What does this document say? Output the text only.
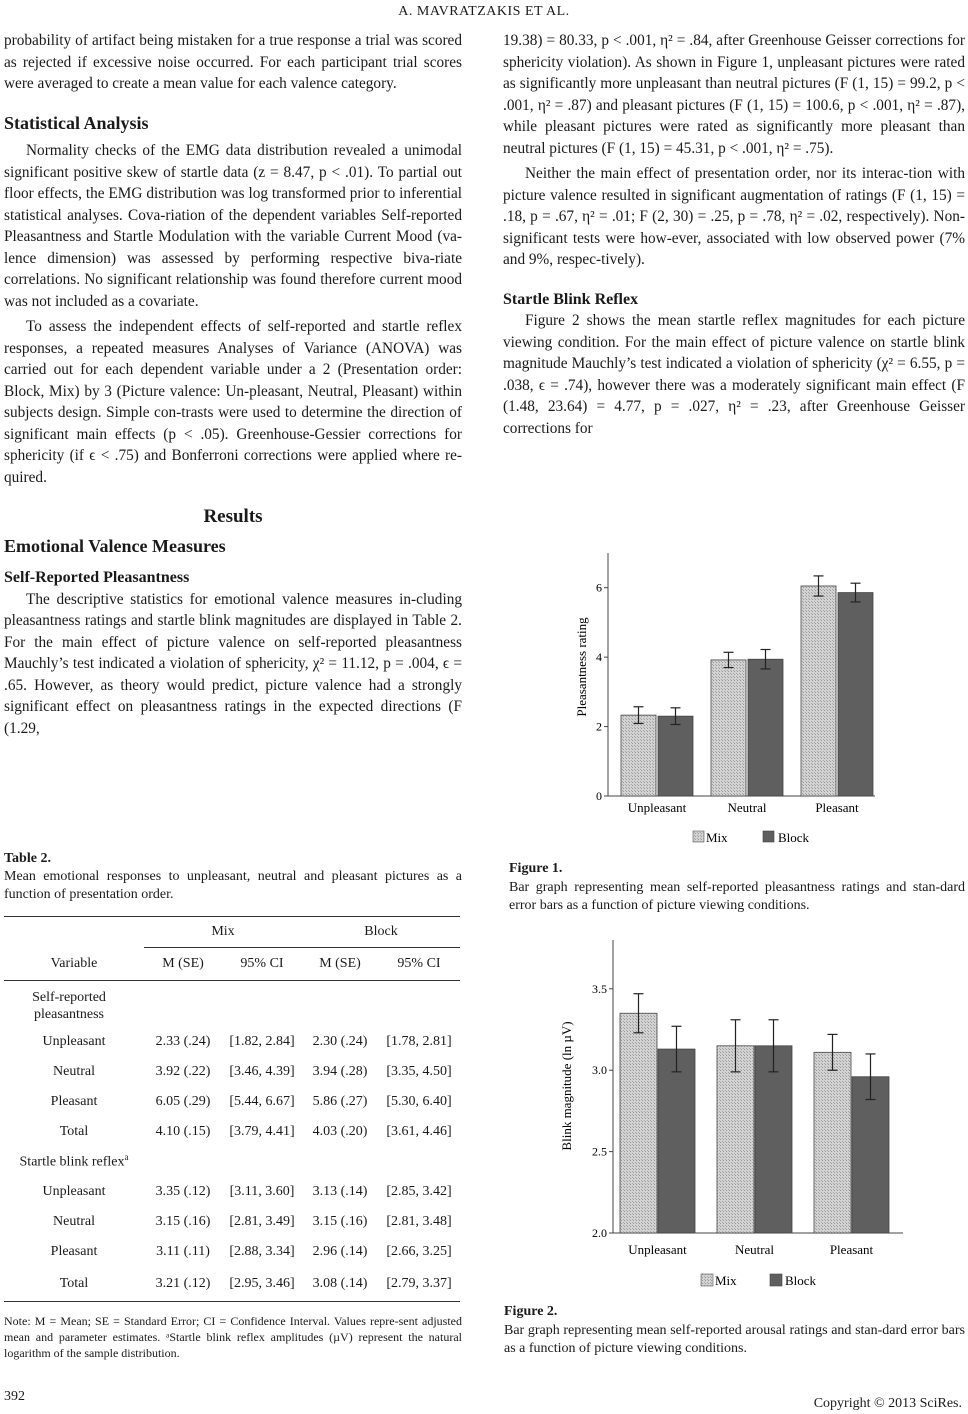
A. MAVRATZAKIS ET AL.

probability of artifact being mistaken for a true response a trial was scored as rejected if excessive noise occurred. For each participant trial scores were averaged to create a mean value for each valence category.

Statistical Analysis

Normality checks of the EMG data distribution revealed a unimodal significant positive skew of startle data (z = 8.47, p < .01). To partial out floor effects, the EMG distribution was log transformed prior to inferential statistical analyses. Cova-riation of the dependent variables Self-reported Pleasantness and Startle Modulation with the variable Current Mood (va-lence dimension) was assessed by performing respective biva-riate correlations. No significant relationship was found therefore current mood was not included as a covariate.

To assess the independent effects of self-reported and startle reflex responses, a repeated measures Analyses of Variance (ANOVA) was carried out for each dependent variable under a 2 (Presentation order: Block, Mix) by 3 (Picture valence: Un-pleasant, Neutral, Pleasant) within subjects design. Simple con-trasts were used to determine the direction of significant main effects (p < .05). Greenhouse-Gessier corrections for sphericity (if ϵ < .75) and Bonferroni corrections were applied where re-quired.

Results
Emotional Valence Measures
Self-Reported Pleasantness

The descriptive statistics for emotional valence measures in-cluding pleasantness ratings and startle blink magnitudes are displayed in Table 2. For the main effect of picture valence on self-reported pleasantness Mauchly’s test indicated a violation of sphericity, χ² = 11.12, p = .004, ϵ = .65. However, as theory would predict, picture valence had a strongly significant effect on pleasantness ratings in the expected directions (F (1.29,

Table 2.
Mean emotional responses to unpleasant, neutral and pleasant pictures as a function of presentation order.
	Mix		Block	
Variable	M (SE)	95% CI	M (SE)	95% CI
Self-reported pleasantness				
Unpleasant	2.33 (.24)	[1.82, 2.84]	2.30 (.24)	[1.78, 2.81]
Neutral	3.92 (.22)	[3.46, 4.39]	3.94 (.28)	[3.35, 4.50]
Pleasant	6.05 (.29)	[5.44, 6.67]	5.86 (.27)	[5.30, 6.40]
Total	4.10 (.15)	[3.79, 4.41]	4.03 (.20)	[3.61, 4.46]
Startle blink reflex$^a$	
Unpleasant	3.35 (.12)	[3.11, 3.60]	3.13 (.14)	[2.85, 3.42]
Neutral	3.15 (.16)	[2.81, 3.49]	3.15 (.16)	[2.81, 3.48]
Pleasant	3.11 (.11)	[2.88, 3.34]	2.96 (.14)	[2.66, 3.25]
Total	3.21 (.12)	[2.95, 3.46]	3.08 (.14)	[2.79, 3.37]
Note: M = Mean; SE = Standard Error; CI = Confidence Interval. Values repre-sent adjusted mean and parameter estimates. ᵃStartle blink reflex amplitudes (µV) represent the natural logarithm of the sample distribution.

19.38) = 80.33, p < .001, η² = .84, after Greenhouse Geisser corrections for sphericity violation). As shown in Figure 1, unpleasant pictures were rated as significantly more unpleasant than neutral pictures (F (1, 15) = 99.2, p < .001, η² = .87) and pleasant pictures (F (1, 15) = 100.6, p < .001, η² = .87), while pleasant pictures were rated as significantly more pleasant than neutral pictures (F (1, 15) = 45.31, p < .001, η² = .75).

Neither the main effect of presentation order, nor its interac-tion with picture valence resulted in significant augmentation of ratings (F (1, 15) = .18, p = .67, η² = .01; F (2, 30) = .25, p = .78, η² = .02, respectively). Non-significant tests were how-ever, associated with low observed power (7% and 9%, respec-tively).

Startle Blink Reflex

Figure 2 shows the mean startle reflex magnitudes for each picture viewing condition. For the main effect of picture valence on startle blink magnitude Mauchly’s test indicated a violation of sphericity (χ² = 6.55, p = .038, ϵ = .74), however there was a moderately significant main effect (F (1.48, 23.64) = 4.77, p = .027, η² = .23, after Greenhouse Geisser corrections for

Pleasantness rating
0
2
4
6
Unpleasant	Neutral	Pleasant
Mix	Block
Figure 1.
Bar graph representing mean self-reported pleasantness ratings and stan-dard error bars as a function of picture viewing conditions.
Blink magnitude (ln µV)
2.0
2.5
3.0
3.5
Unpleasant	Neutral	Pleasant
Mix	Block
Figure 2.
Bar graph representing mean self-reported arousal ratings and stan-dard error bars as a function of picture viewing conditions.
392	Copyright © 2013 SciRes.
